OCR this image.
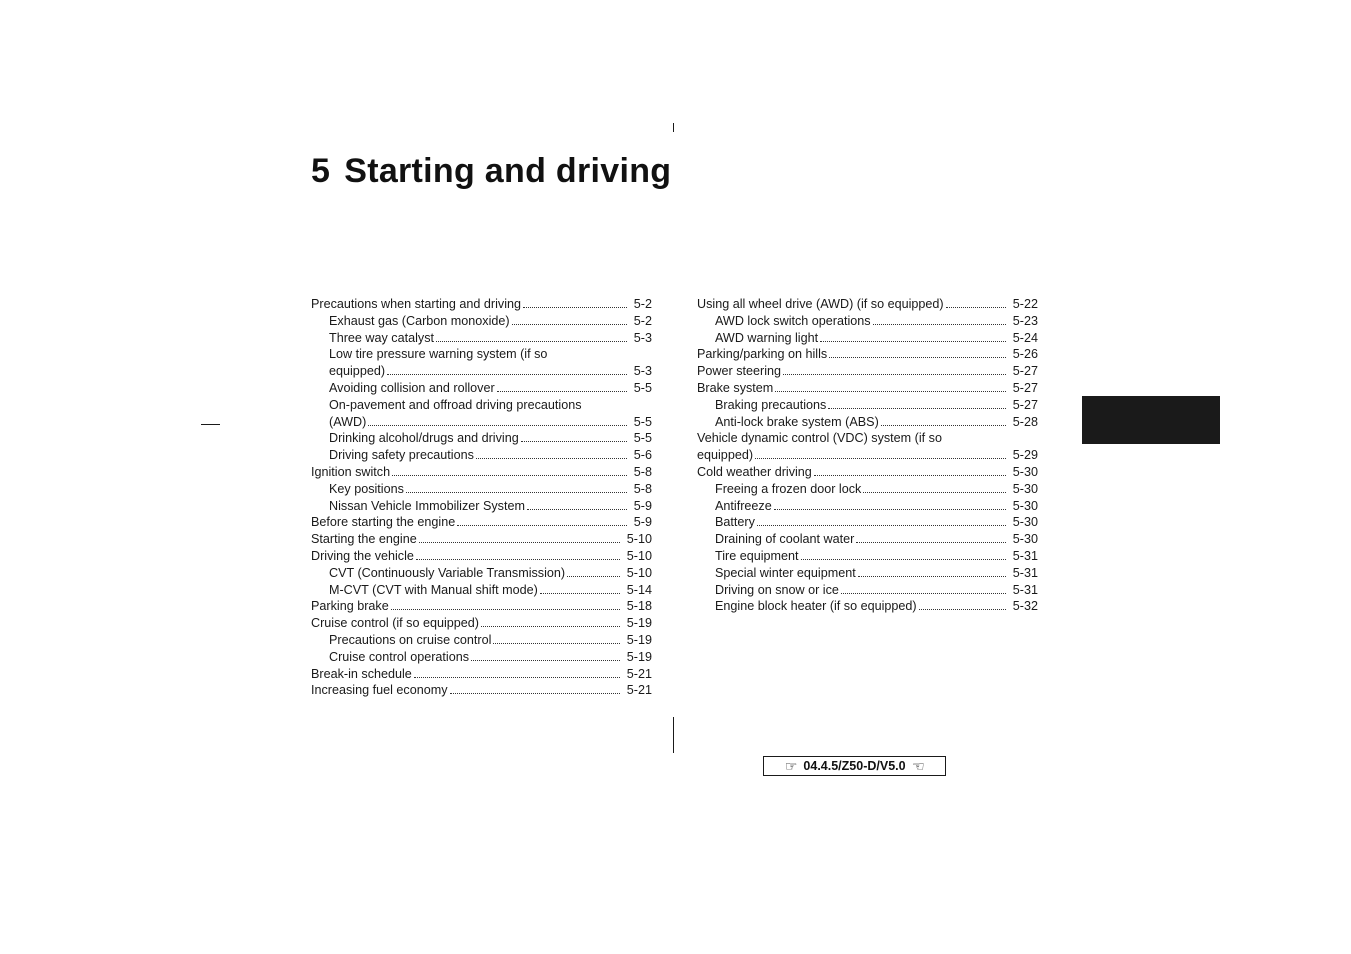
5 Starting and driving
Precautions when starting and driving	5-2
Exhaust gas (Carbon monoxide)	5-2
Three way catalyst	5-3
Low tire pressure warning system (if so
equipped)	5-3
Avoiding collision and rollover	5-5
On-pavement and offroad driving precautions
(AWD)	5-5
Drinking alcohol/drugs and driving	5-5
Driving safety precautions	5-6
Ignition switch	5-8
Key positions	5-8
Nissan Vehicle Immobilizer System	5-9
Before starting the engine	5-9
Starting the engine	5-10
Driving the vehicle	5-10
CVT (Continuously Variable Transmission)	5-10
M-CVT (CVT with Manual shift mode)	5-14
Parking brake	5-18
Cruise control (if so equipped)	5-19
Precautions on cruise control	5-19
Cruise control operations	5-19
Break-in schedule	5-21
Increasing fuel economy	5-21
Using all wheel drive (AWD) (if so equipped)	5-22
AWD lock switch operations	5-23
AWD warning light	5-24
Parking/parking on hills	5-26
Power steering	5-27
Brake system	5-27
Braking precautions	5-27
Anti-lock brake system (ABS)	5-28
Vehicle dynamic control (VDC) system (if so
equipped)	5-29
Cold weather driving	5-30
Freeing a frozen door lock	5-30
Antifreeze	5-30
Battery	5-30
Draining of coolant water	5-30
Tire equipment	5-31
Special winter equipment	5-31
Driving on snow or ice	5-31
Engine block heater (if so equipped)	5-32
☞ 04.4.5/Z50-D/V5.0 ☞
